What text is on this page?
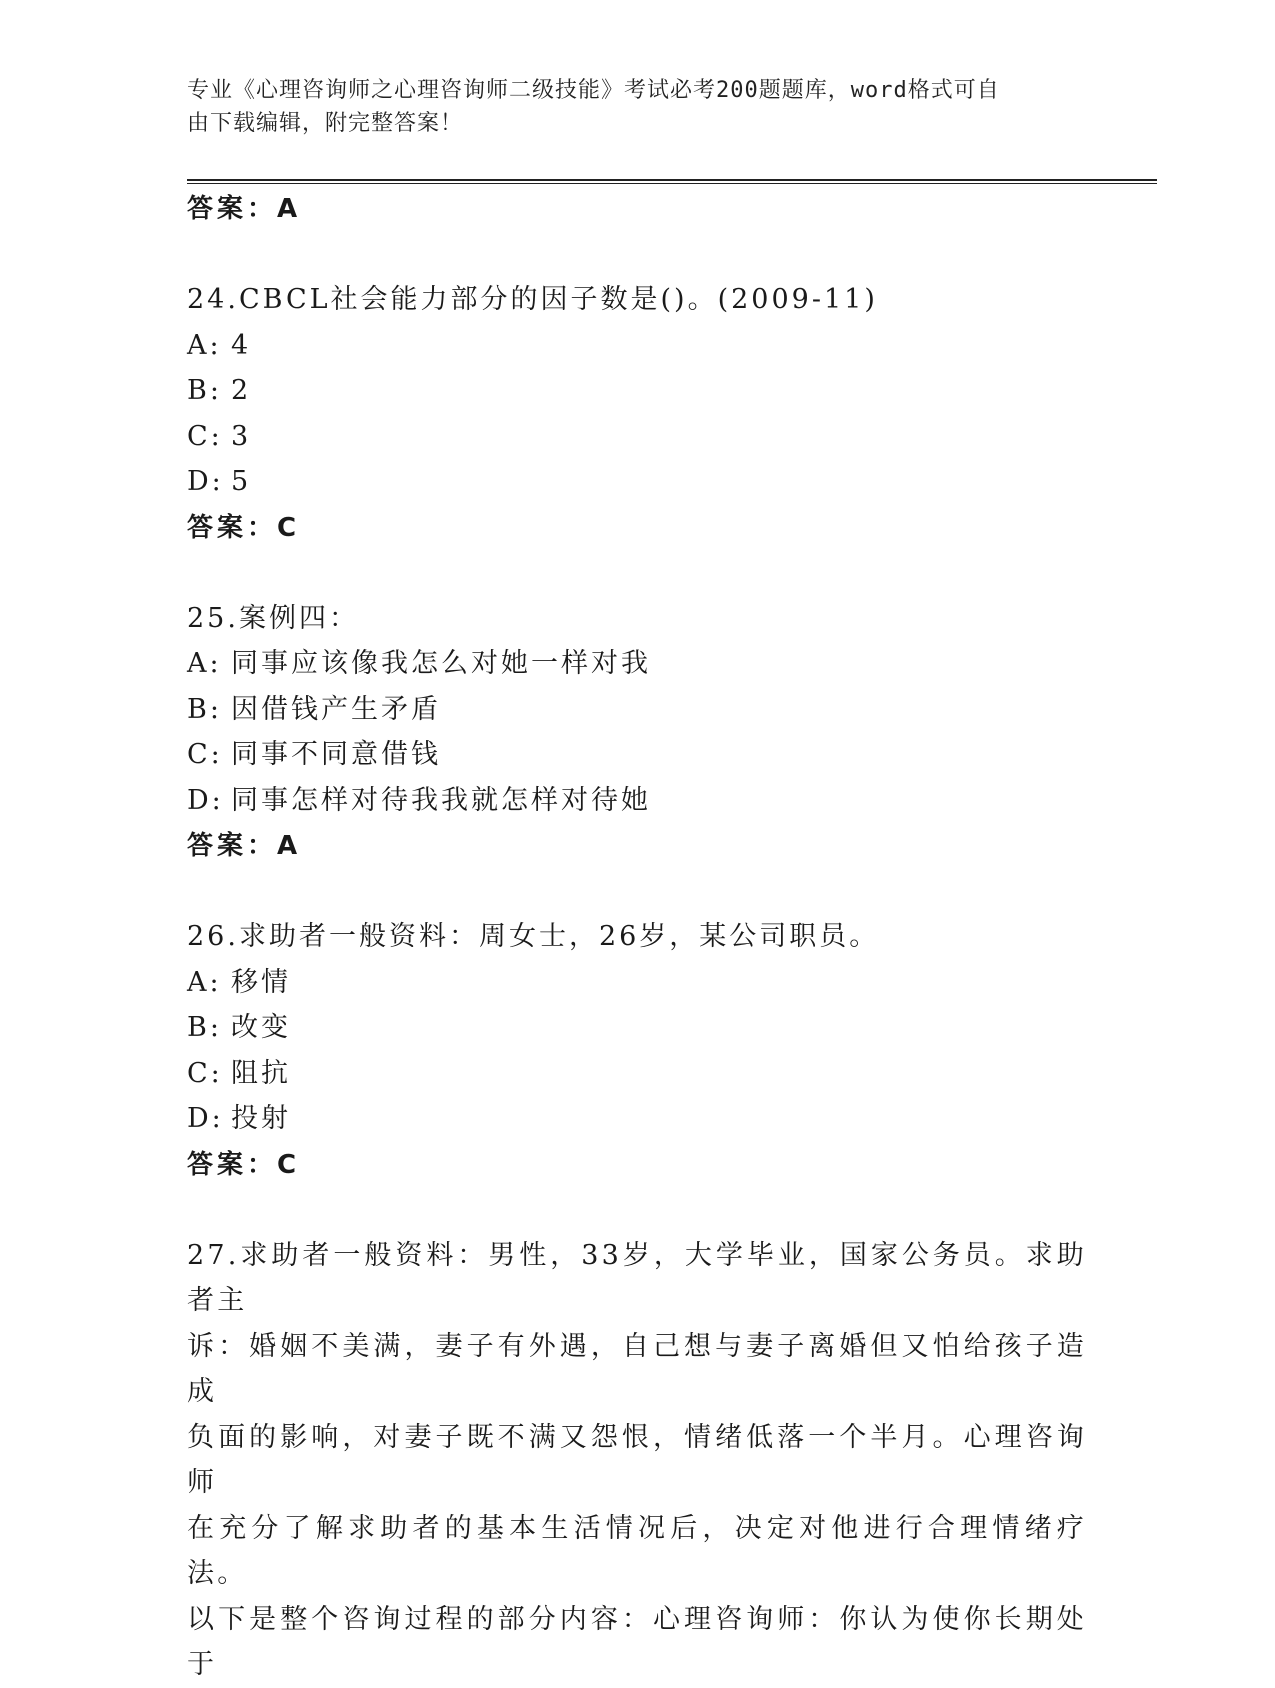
专业《心理咨询师之心理咨询师二级技能》考试必考200题题库，word格式可自
由下载编辑，附完整答案！
答案：A
24.CBCL社会能力部分的因子数是()。(2009-11)
A: 4
B: 2
C: 3
D: 5
答案：C
25.案例四：
A: 同事应该像我怎么对她一样对我
B: 因借钱产生矛盾
C: 同事不同意借钱
D: 同事怎样对待我我就怎样对待她
答案：A
26.求助者一般资料：周女士，26岁，某公司职员。
A: 移情
B: 改变
C: 阻抗
D: 投射
答案：C
27.求助者一般资料：男性，33岁，大学毕业，国家公务员。求助者主
诉：婚姻不美满，妻子有外遇，自己想与妻子离婚但又怕给孩子造成
负面的影响，对妻子既不满又怨恨，情绪低落一个半月。心理咨询师
在充分了解求助者的基本生活情况后，决定对他进行合理情绪疗法。
以下是整个咨询过程的部分内容：心理咨询师：你认为使你长期处于
